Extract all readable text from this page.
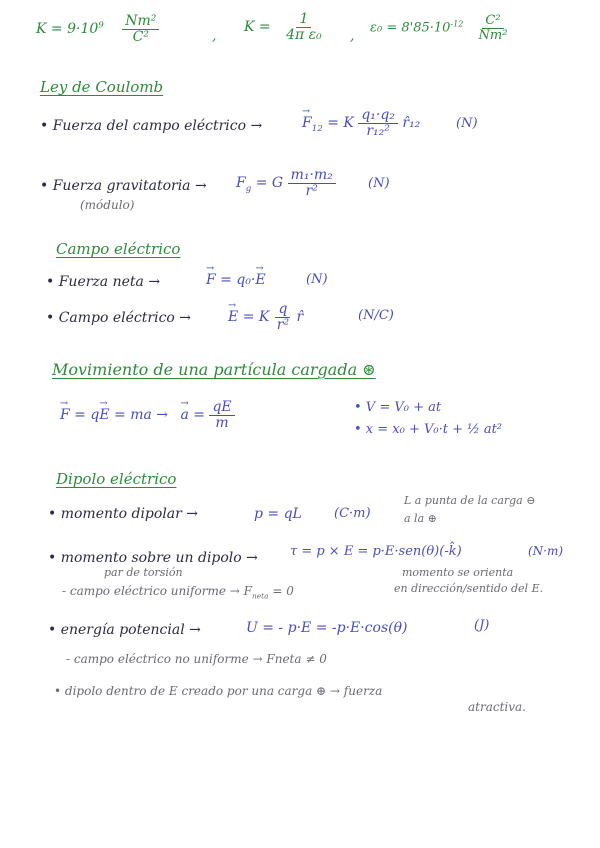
$K = 9\cdot 10^9 \frac{\text{Nm²}}{\text{C²}}$	,
$K = \frac{1}{\text{4π ε₀}}$ , $\varepsilon_0 = 8'85\cdot 10^{-12} \frac{\text{C²}}{\text{Nm²}}$
Ley de Coulomb
• Fuerza del campo eléctrico →	→ $F_{12} = K \frac{\text{q₁·q₂}}{\text{r₁₂²}}$ r̂₁₂	(N)
• Fuerza gravitatoria →
(módulo)
$F_g = G \frac{\text{m₁·m₂}}{\text{r²}} (N)$
Campo eléctrico
• Fuerza neta →	→ F = q₀·→ E	(N)
• Campo eléctrico →	→ E = K $\frac{q}{\text{r²}}$ r̂	(N/C)
Movimiento de una partícula cargada ⊛
→ F = q→ E = ma → → $a = \frac{qE}{m}$	• V = V₀ + at
• x = x₀ + V₀·t + ½ at²
Dipolo eléctrico
• momento dipolar →	p = qL (C·m)
L a punta de la carga ⊖
a la ⊕
• momento sobre un dipolo → τ = p × E = p·E·sen(θ)(-k̂)	(N·m)
par de torsión	momento se orienta
en dirección/sentido del E.
- campo eléctrico uniforme → $F_{neta} = 0$
• energía potencial →	U = - p·E = -p·E·cos(θ)	(J)
- campo eléctrico no uniforme → Fneta ≠ 0
• dipolo dentro de E creado por una carga ⊕ → fuerza
atractiva.
